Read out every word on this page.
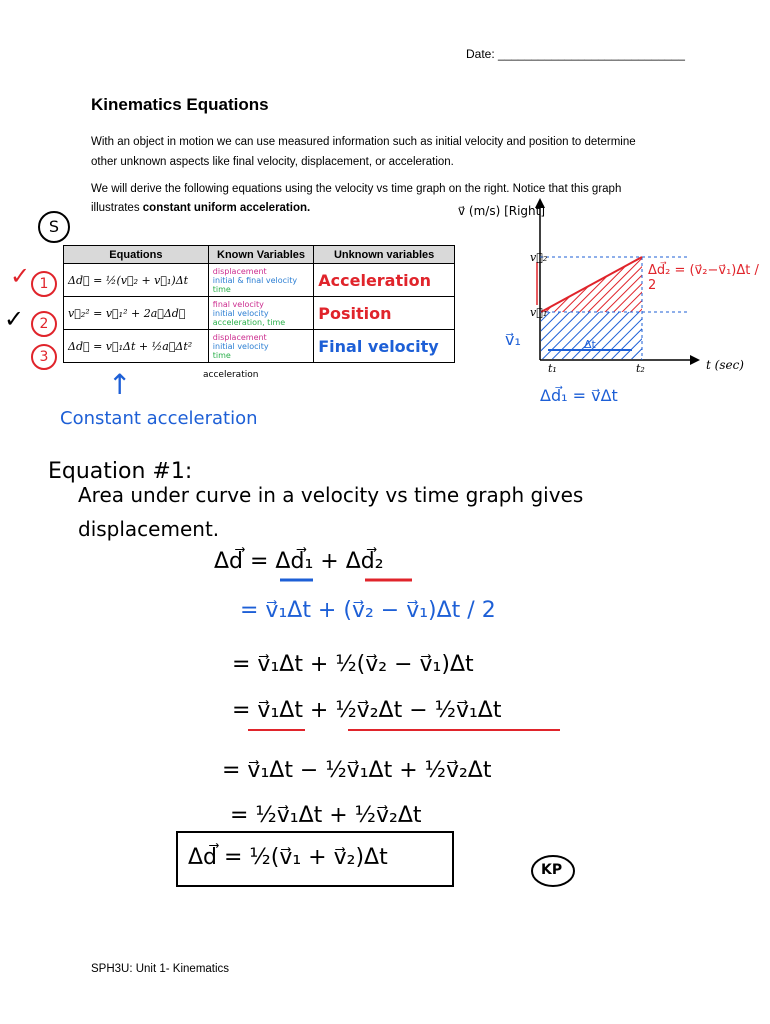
Date: ____________________________
Kinematics Equations

With an object in motion we can use measured information such as initial velocity and position to determine other unknown aspects like final velocity, displacement, or acceleration.

We will derive the following equations using the velocity vs time graph on the right. Notice that this graph illustrates constant uniform acceleration.

S
✓ 1
✓	2
3
Equations	Known Variables	Unknown variables
Δd⃗ = ½(v⃗₂ + v⃗₁)Δt	displacement
initial & final velocity
time	Acceleration
v⃗₂² = v⃗₁² + 2a⃗Δd⃗	final velocity
initial velocity
acceleration, time	Position
Δd⃗ = v⃗₁Δt + ½a⃗Δt²	displacement
initial velocity
time	Final velocity
acceleration
↑
Constant acceleration
v⃗ (m/s) [Right]
t (sec)
v⃗₂
v⃗₁
t₁	t₂
v⃗₁	Δt
Δd⃗₂ = (v⃗₂−v⃗₁)Δt / 2
Δd⃗₁ = v⃗Δt
Equation #1:
Area under curve in a velocity vs time graph gives displacement.
Δd⃗ = Δd⃗₁ + Δd⃗₂
= v⃗₁Δt + (v⃗₂ − v⃗₁)Δt / 2
= v⃗₁Δt + ½(v⃗₂ − v⃗₁)Δt
= v⃗₁Δt + ½v⃗₂Δt − ½v⃗₁Δt
= v⃗₁Δt − ½v⃗₁Δt + ½v⃗₂Δt
= ½v⃗₁Δt + ½v⃗₂Δt
Δd⃗ = ½(v⃗₁ + v⃗₂)Δt	KP
SPH3U: Unit 1- Kinematics
